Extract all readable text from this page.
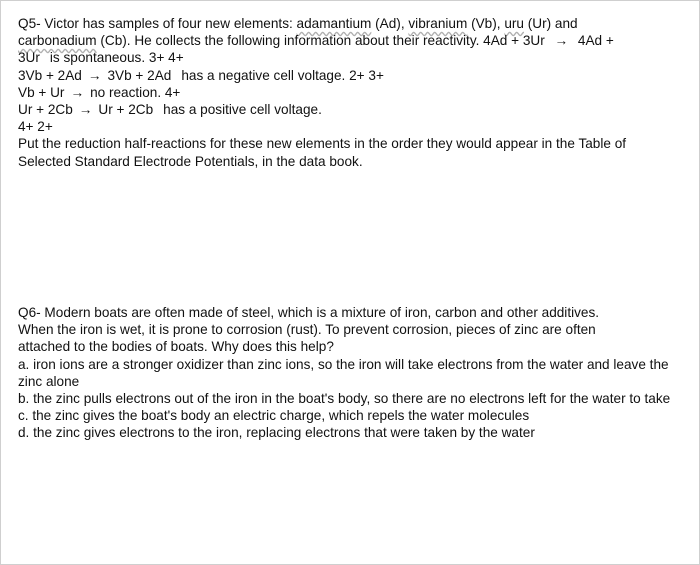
Q5- Victor has samples of four new elements: adamantium (Ad), vibranium (Vb), uru (Ur) and
carbonadium (Cb). He collects the following information about their reactivity. 4Ad + 3Ur → 4Ad +
3Ur is spontaneous. 3+ 4+
3Vb + 2Ad → 3Vb + 2Ad has a negative cell voltage. 2+ 3+
Vb + Ur → no reaction. 4+
Ur + 2Cb → Ur + 2Cb has a positive cell voltage.
4+ 2+
Put the reduction half-reactions for these new elements in the order they would appear in the Table of
Selected Standard Electrode Potentials, in the data book.
Q6- Modern boats are often made of steel, which is a mixture of iron, carbon and other additives.
When the iron is wet, it is prone to corrosion (rust). To prevent corrosion, pieces of zinc are often
attached to the bodies of boats. Why does this help?
a. iron ions are a stronger oxidizer than zinc ions, so the iron will take electrons from the water and leave the zinc alone
b. the zinc pulls electrons out of the iron in the boat's body, so there are no electrons left for the water to take
c. the zinc gives the boat's body an electric charge, which repels the water molecules
d. the zinc gives electrons to the iron, replacing electrons that were taken by the water
